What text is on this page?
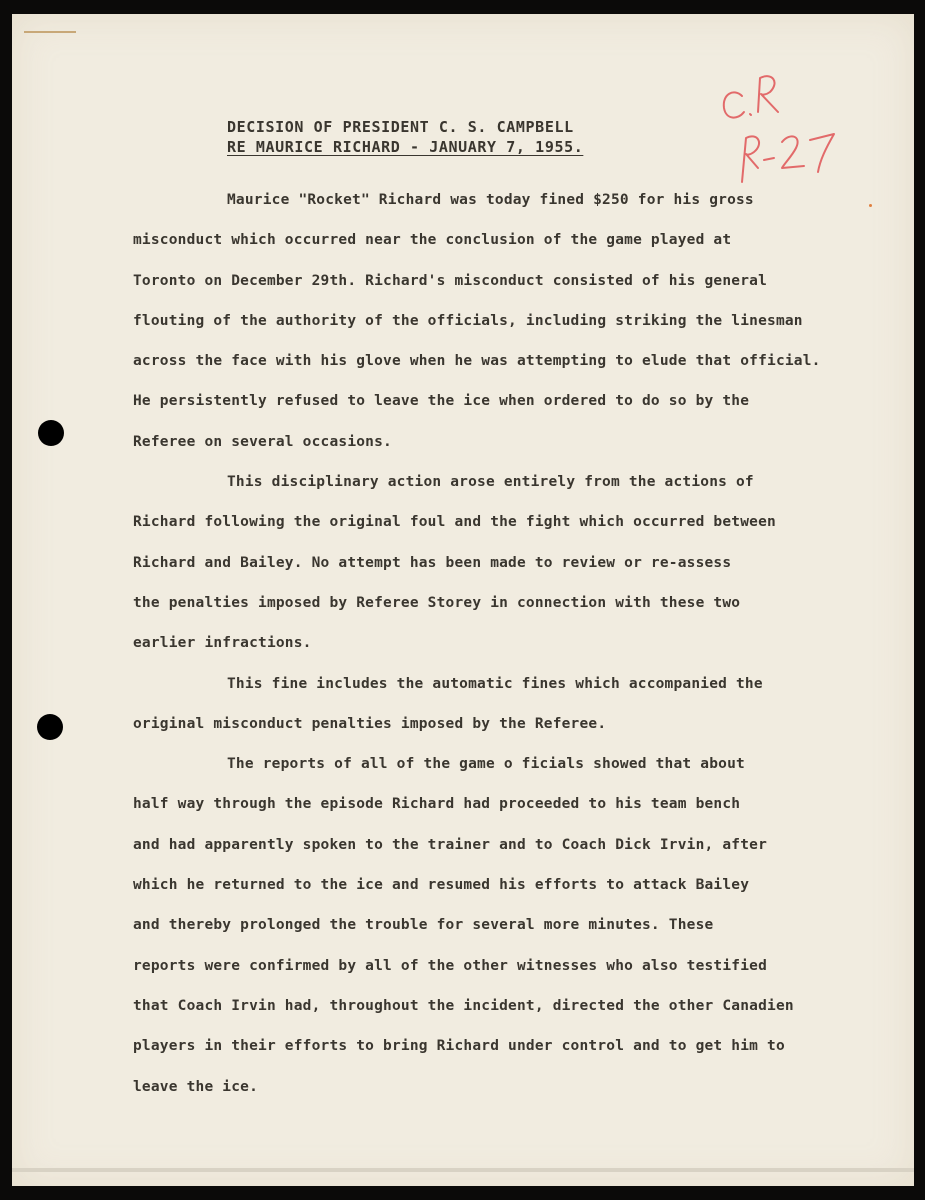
DECISION OF PRESIDENT C. S. CAMPBELL
RE MAURICE RICHARD - JANUARY 7, 1955.

Maurice "Rocket" Richard was today fined $250 for his gross
misconduct which occurred near the conclusion of the game played at
Toronto on December 29th. Richard's misconduct consisted of his general
flouting of the authority of the officials, including striking the linesman
across the face with his glove when he was attempting to elude that official.
He persistently refused to leave the ice when ordered to do so by the
Referee on several occasions.

This disciplinary action arose entirely from the actions of
Richard following the original foul and the fight which occurred between
Richard and Bailey. No attempt has been made to review or re-assess
the penalties imposed by Referee Storey in connection with these two
earlier infractions.

This fine includes the automatic fines which accompanied the
original misconduct penalties imposed by the Referee.

The reports of all of the game o ficials showed that about
half way through the episode Richard had proceeded to his team bench
and had apparently spoken to the trainer and to Coach Dick Irvin, after
which he returned to the ice and resumed his efforts to attack Bailey
and thereby prolonged the trouble for several more minutes. These
reports were confirmed by all of the other witnesses who also testified
that Coach Irvin had, throughout the incident, directed the other Canadien
players in their efforts to bring Richard under control and to get him to
leave the ice.
